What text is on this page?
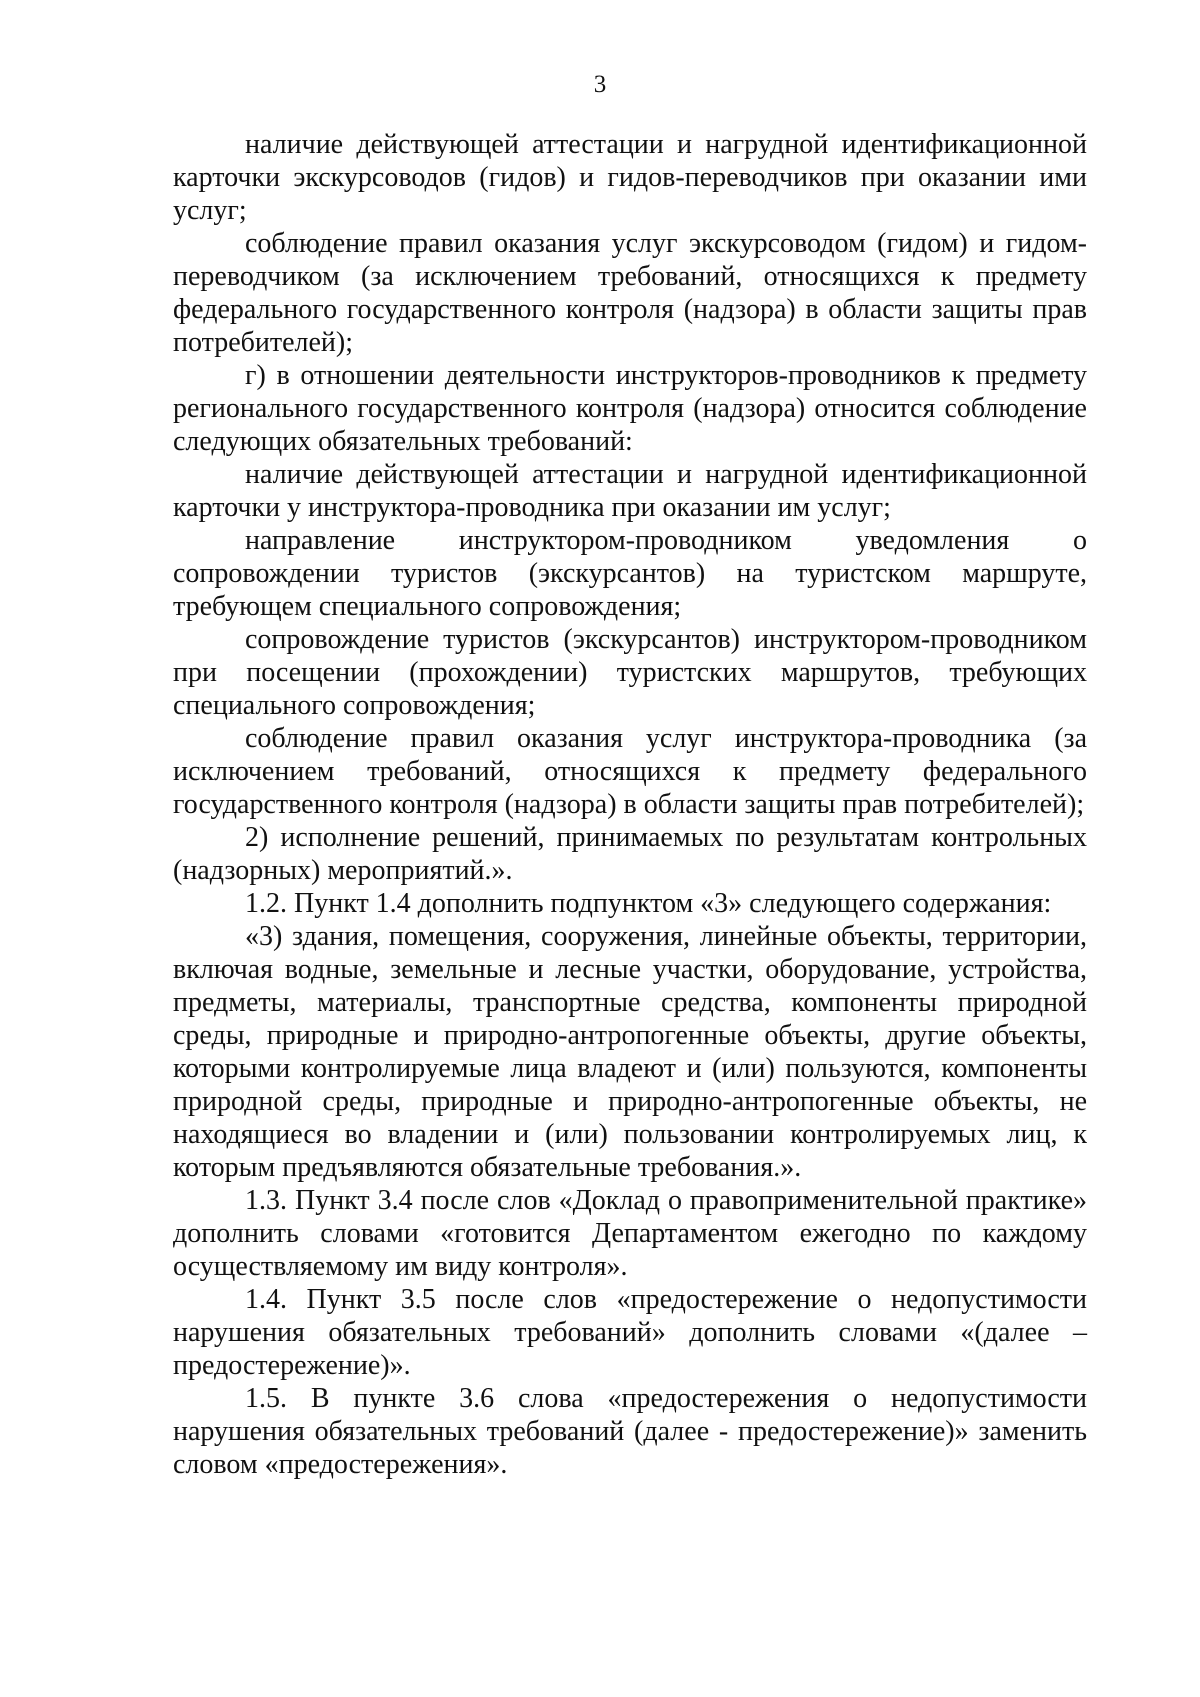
3

наличие действующей аттестации и нагрудной идентификационной карточки экскурсоводов (гидов) и гидов-переводчиков при оказании ими услуг;

соблюдение правил оказания услуг экскурсоводом (гидом) и гидом-переводчиком (за исключением требований, относящихся к предмету федерального государственного контроля (надзора) в области защиты прав потребителей);

г) в отношении деятельности инструкторов-проводников к предмету регионального государственного контроля (надзора) относится соблюдение следующих обязательных требований:

наличие действующей аттестации и нагрудной идентификационной карточки у инструктора-проводника при оказании им услуг;

направление инструктором-проводником уведомления о сопровождении туристов (экскурсантов) на туристском маршруте, требующем специального сопровождения;

сопровождение туристов (экскурсантов) инструктором-проводником при посещении (прохождении) туристских маршрутов, требующих специального сопровождения;

соблюдение правил оказания услуг инструктора-проводника (за исключением требований, относящихся к предмету федерального государственного контроля (надзора) в области защиты прав потребителей);

2) исполнение решений, принимаемых по результатам контрольных (надзорных) мероприятий.».

1.2. Пункт 1.4 дополнить подпунктом «3» следующего содержания:

«3) здания, помещения, сооружения, линейные объекты, территории, включая водные, земельные и лесные участки, оборудование, устройства, предметы, материалы, транспортные средства, компоненты природной среды, природные и природно-антропогенные объекты, другие объекты, которыми контролируемые лица владеют и (или) пользуются, компоненты природной среды, природные и природно-антропогенные объекты, не находящиеся во владении и (или) пользовании контролируемых лиц, к которым предъявляются обязательные требования.».

1.3. Пункт 3.4 после слов «Доклад о правоприменительной практике» дополнить словами «готовится Департаментом ежегодно по каждому осуществляемому им виду контроля».

1.4. Пункт 3.5 после слов «предостережение о недопустимости нарушения обязательных требований» дополнить словами «(далее – предостережение)».

1.5. В пункте 3.6 слова «предостережения о недопустимости нарушения обязательных требований (далее - предостережение)» заменить словом «предостережения».
